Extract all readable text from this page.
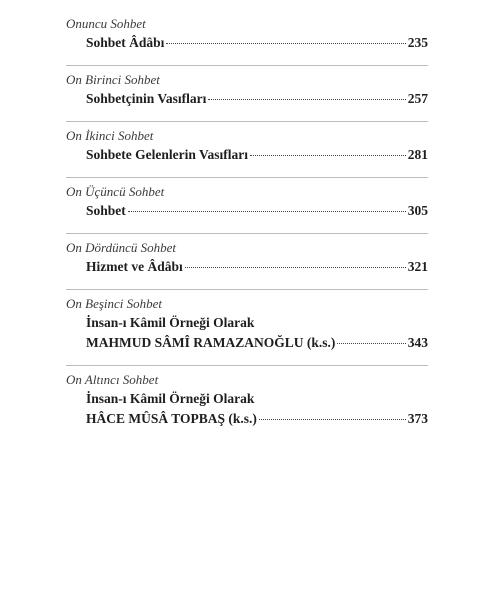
Onuncu Sohbet
Sohbet Âdâbı	235
On Birinci Sohbet
Sohbetçinin Vasıfları	257
On İkinci Sohbet
Sohbete Gelenlerin Vasıfları	281
On Üçüncü Sohbet
Sohbet	305
On Dördüncü Sohbet
Hizmet ve Âdâbı	321
On Beşinci Sohbet
İnsan-ı Kâmil Örneği Olarak
MAHMUD SÂMÎ RAMAZANOĞLU (k.s.)	343
On Altıncı Sohbet
İnsan-ı Kâmil Örneği Olarak
HÂCE MÛSÂ TOPBAŞ (k.s.)	373
